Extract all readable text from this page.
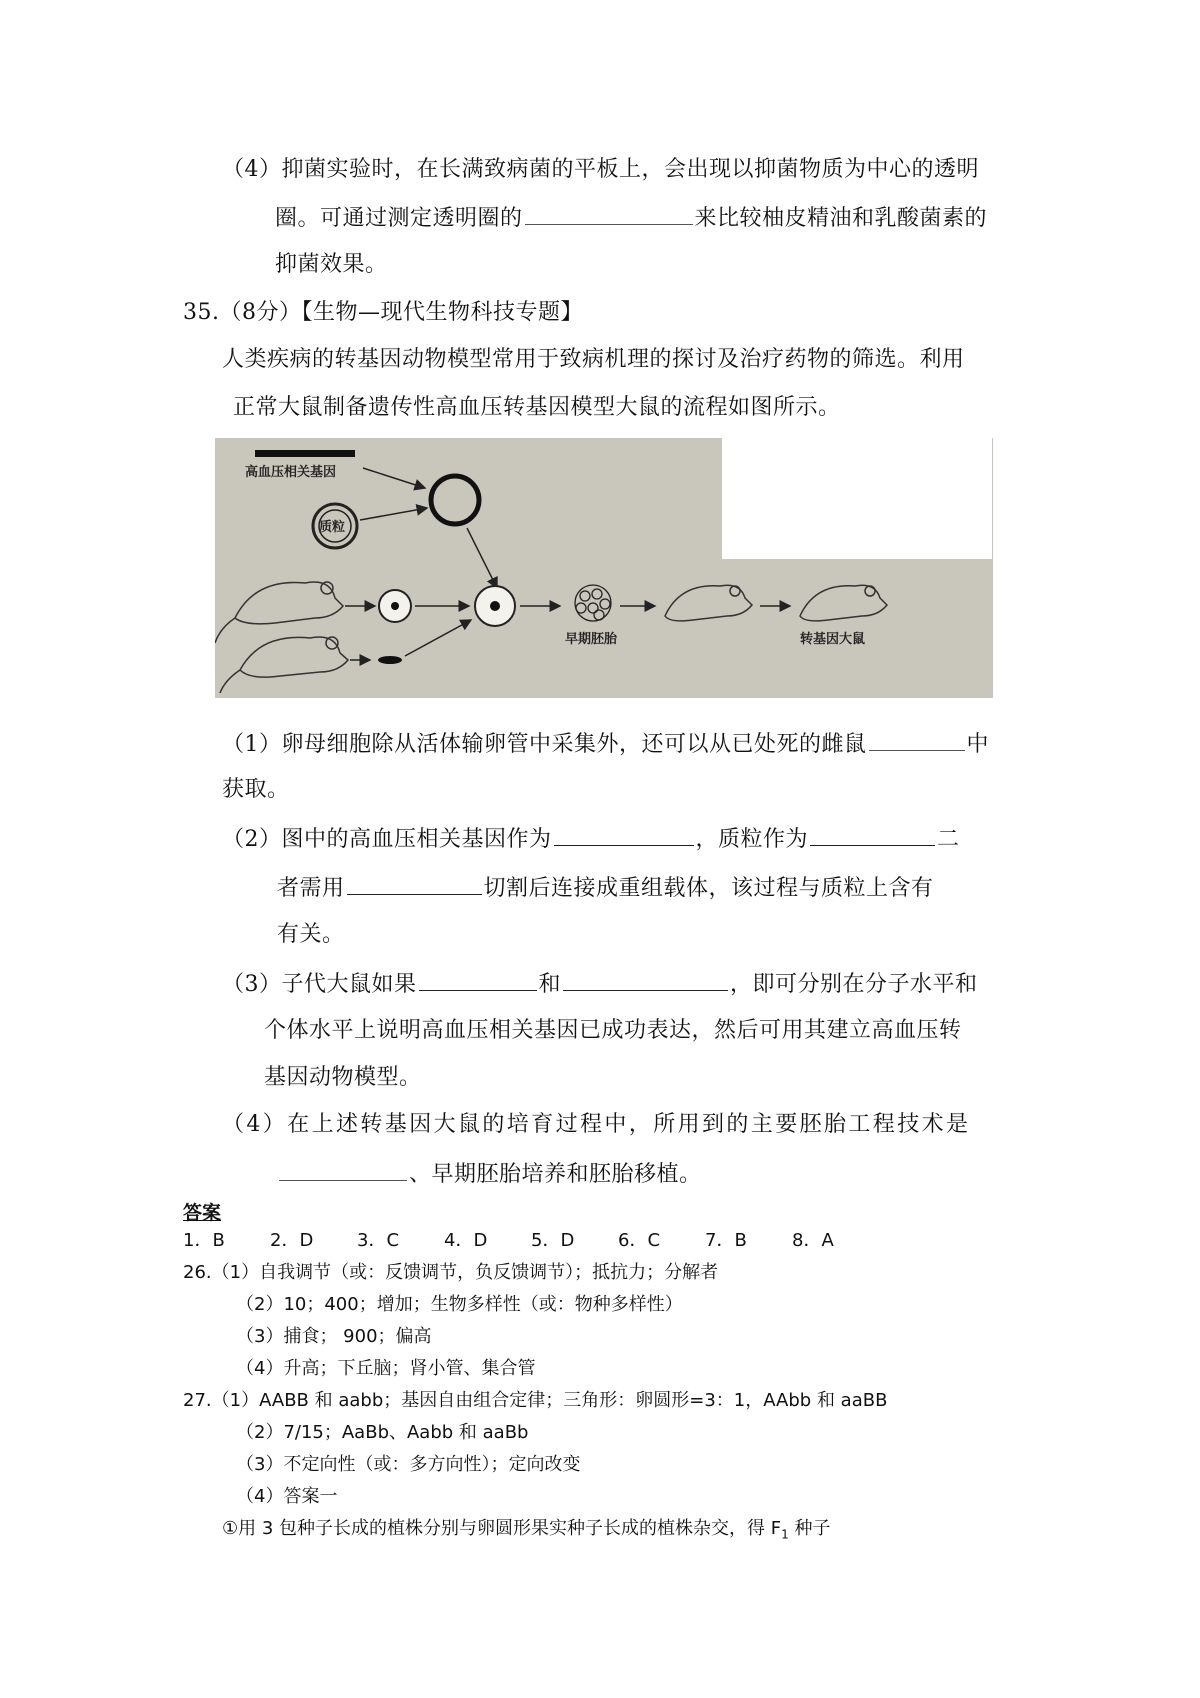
（4）抑菌实验时，在长满致病菌的平板上，会出现以抑菌物质为中心的透明
圈。可通过测定透明圈的	来比较柚皮精油和乳酸菌素的
抑菌效果。
35.（8分）【生物—现代生物科技专题】
人类疾病的转基因动物模型常用于致病机理的探讨及治疗药物的筛选。利用
正常大鼠制备遗传性高血压转基因模型大鼠的流程如图所示。
高血压相关基因
质粒
早期胚胎	转基因大鼠
（1）卵母细胞除从活体输卵管中采集外，还可以从已处死的雌鼠	中
获取。
（2）图中的高血压相关基因作为	，质粒作为	二
者需用	切割后连接成重组载体，该过程与质粒上含有
有关。
（3）子代大鼠如果	和	，即可分别在分子水平和
个体水平上说明高血压相关基因已成功表达，然后可用其建立高血压转
基因动物模型。
（4）在上述转基因大鼠的培育过程中，所用到的主要胚胎工程技术是
、早期胚胎培养和胚胎移植。
答案
1．B	2．D 3．C 4．D 5．D 6．C 7．B	8．A
26.（1）自我调节（或：反馈调节，负反馈调节）；抵抗力；分解者
（2）10；400；增加；生物多样性（或：物种多样性）
（3）捕食； 900；偏高
（4）升高；下丘脑；肾小管、集合管
27.（1）AABB 和 aabb；基因自由组合定律；三角形：卵圆形=3：1，AAbb 和 aaBB
（2）7/15；AaBb、Aabb 和 aaBb
（3）不定向性（或：多方向性）；定向改变
（4）答案一
①用 3 包种子长成的植株分别与卵圆形果实种子长成的植株杂交，得 $F_1$ 种子
